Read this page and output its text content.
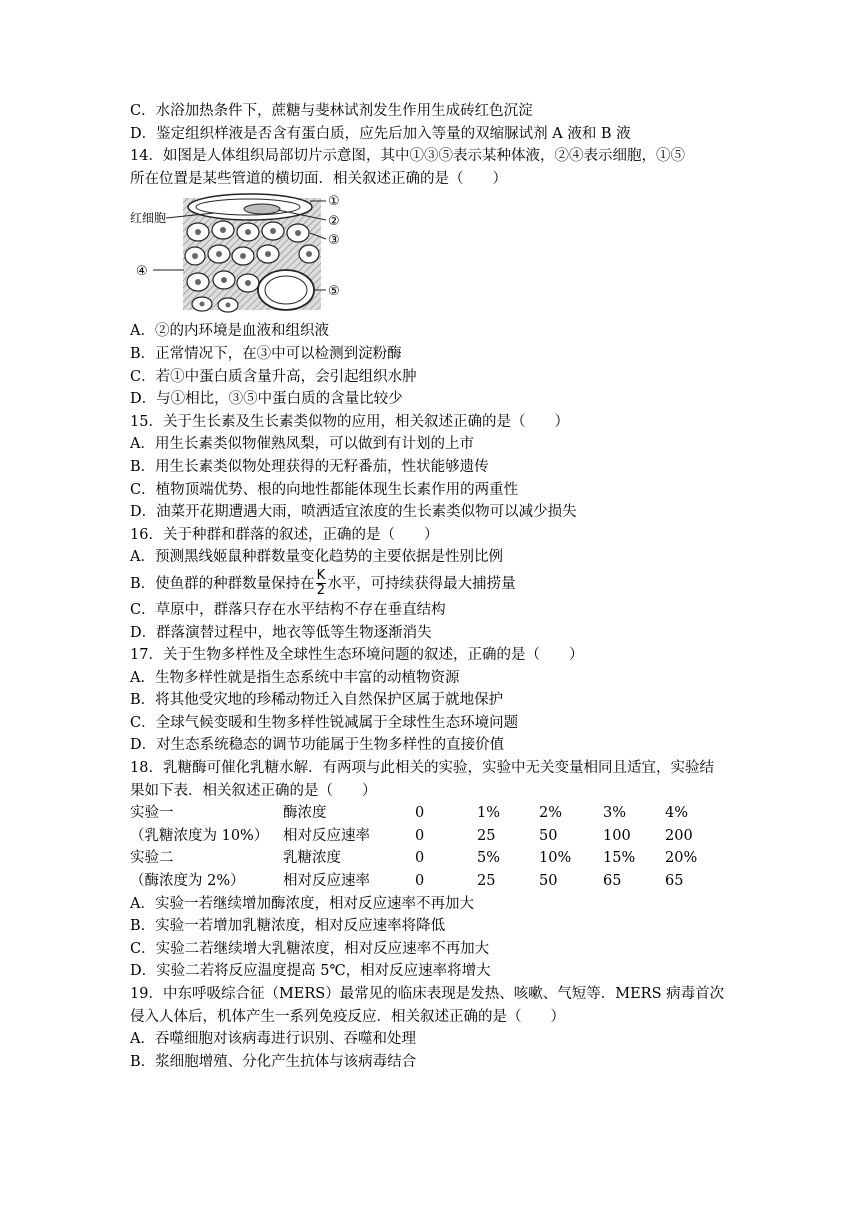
C．水浴加热条件下，蔗糖与斐林试剂发生作用生成砖红色沉淀
D．鉴定组织样液是否含有蛋白质，应先后加入等量的双缩脲试剂 A 液和 B 液
14．如图是人体组织局部切片示意图，其中①③⑤表示某种体液，②④表示细胞，①⑤
所在位置是某些管道的横切面．相关叙述正确的是（　　）
红细胞
①
②
③
④
⑤
A．②的内环境是血液和组织液
B．正常情况下，在③中可以检测到淀粉酶
C．若①中蛋白质含量升高，会引起组织水肿
D．与①相比，③⑤中蛋白质的含量比较少
15．关于生长素及生长素类似物的应用，相关叙述正确的是（　　）
A．用生长素类似物催熟凤梨，可以做到有计划的上市
B．用生长素类似物处理获得的无籽番茄，性状能够遗传
C．植物顶端优势、根的向地性都能体现生长素作用的两重性
D．油菜开花期遭遇大雨，喷洒适宜浓度的生长素类似物可以减少损失
16．关于种群和群落的叙述，正确的是（　　）
A．预测黑线姬鼠种群数量变化趋势的主要依据是性别比例
B．使鱼群的种群数量保持在 $\frac{K}{2}$ 水平，可持续获得最大捕捞量
C．草原中，群落只存在水平结构不存在垂直结构
D．群落演替过程中，地衣等低等生物逐渐消失
17．关于生物多样性及全球性生态环境问题的叙述，正确的是（　　）
A．生物多样性就是指生态系统中丰富的动植物资源
B．将其他受灾地的珍稀动物迁入自然保护区属于就地保护
C．全球气候变暖和生物多样性锐减属于全球性生态环境问题
D．对生态系统稳态的调节功能属于生物多样性的直接价值
18．乳糖酶可催化乳糖水解．有两项与此相关的实验，实验中无关变量相同且适宜，实验结
果如下表．相关叙述正确的是（　　）
实验一	酶浓度	0	1%	2%	3%	4%
（乳糖浓度为 10%）	相对反应速率	0	25	50	100	200
实验二	乳糖浓度	0	5%	10%	15%	20%
（酶浓度为 2%）	相对反应速率	0	25	50	65	65
A．实验一若继续增加酶浓度，相对反应速率不再加大
B．实验一若增加乳糖浓度，相对反应速率将降低
C．实验二若继续增大乳糖浓度，相对反应速率不再加大
D．实验二若将反应温度提高 5℃，相对反应速率将增大
19．中东呼吸综合征（MERS）最常见的临床表现是发热、咳嗽、气短等．MERS 病毒首次
侵入人体后，机体产生一系列免疫反应．相关叙述正确的是（　　）
A．吞噬细胞对该病毒进行识别、吞噬和处理
B．浆细胞增殖、分化产生抗体与该病毒结合
